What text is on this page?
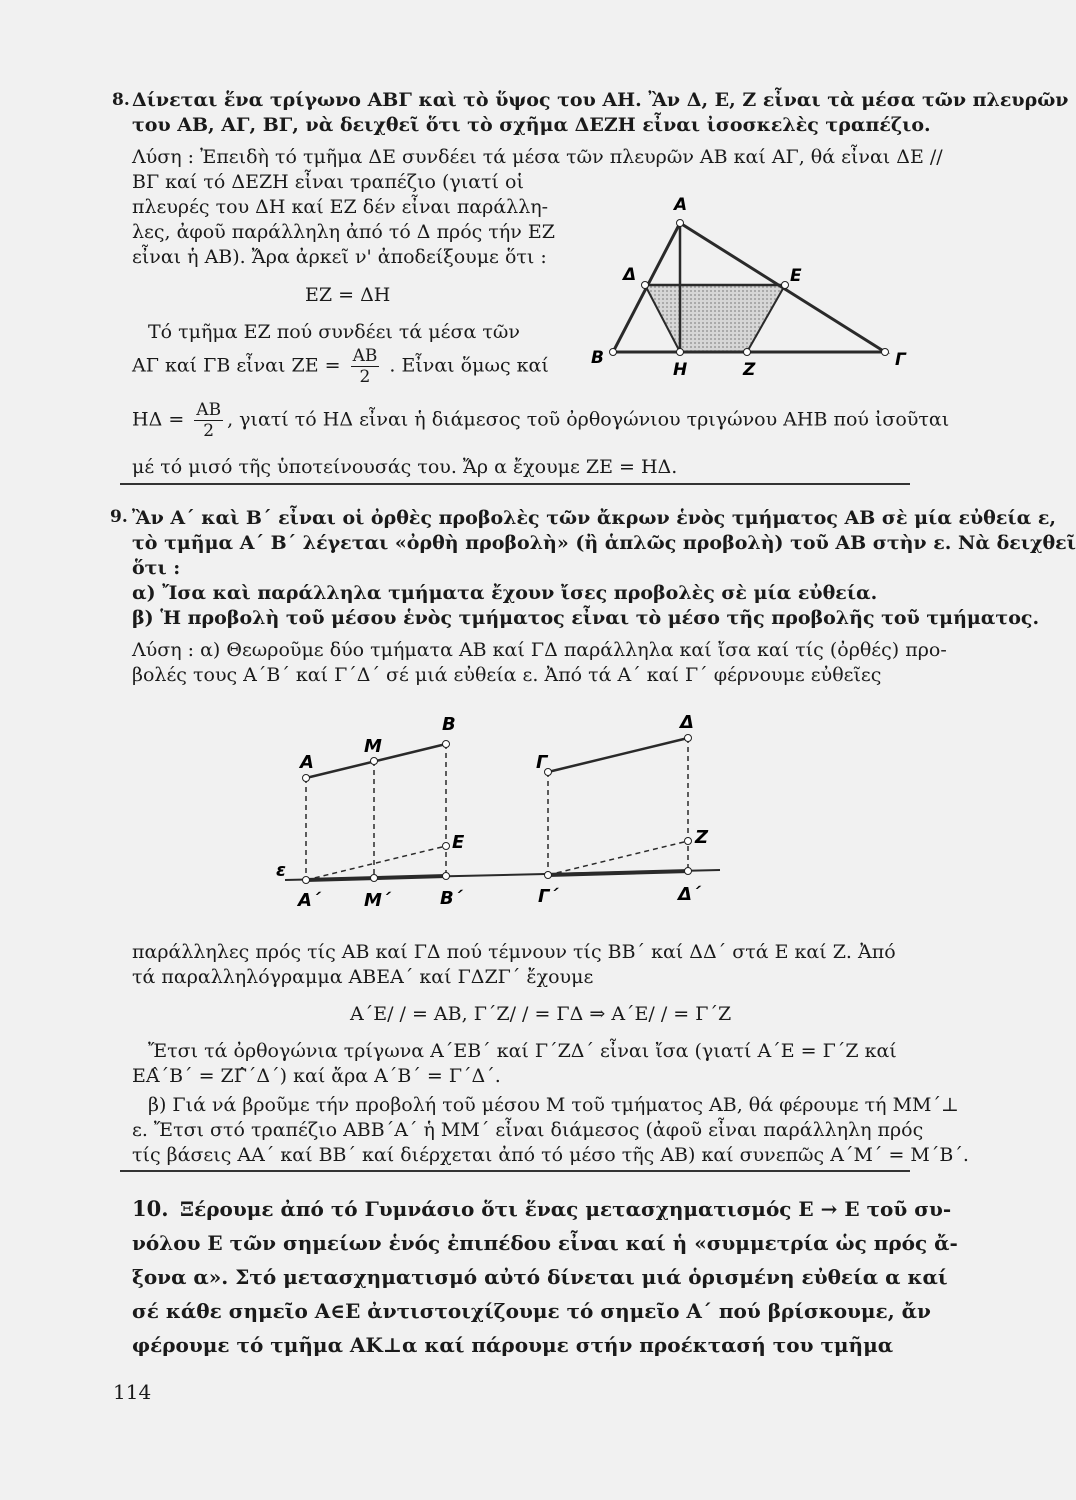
8. Δίνεται ἕνα τρίγωνο ΑΒΓ καὶ τὸ ὕψος του ΑΗ. Ἂν Δ, Ε, Ζ εἶναι τὰ μέσα τῶν πλευρῶν
του ΑΒ, ΑΓ, ΒΓ, νὰ δειχθεῖ ὅτι τὸ σχῆμα ΔΕΖΗ εἶναι ἰσοσκελὲς τραπέζιο.
Λύση : Ἐπειδὴ τό τμῆμα ΔΕ συνδέει τά μέσα τῶν πλευρῶν ΑΒ καί ΑΓ, θά εἶναι ΔΕ //
ΒΓ καί τό ΔΕΖΗ εἶναι τραπέζιο (γιατί οἱ
πλευρές του ΔΗ καί ΕΖ δέν εἶναι παράλλη-
λες, ἀφοῦ παράλληλη ἀπό τό Δ πρός τήν ΕΖ
εἶναι ἡ ΑΒ). Ἄρα ἀρκεῖ ν' ἀποδείξουμε ὅτι :
ΕΖ = ΔΗ
Τό τμῆμα ΕΖ πού συνδέει τά μέσα τῶν
ΑΓ καί ΓΒ εἶναι $ZE = \frac{AB}{2}$ . Εἶναι ὅμως καί
$H\Delta = \frac{AB}{2}$ , γιατί τό ΗΔ εἶναι ἡ διάμεσος τοῦ ὀρθογώνιου τριγώνου ΑΗΒ πού ἰσοῦται
μέ τό μισό τῆς ὑποτείνουσάς του. Ἄρ α ἔχουμε ΖΕ = ΗΔ.
A
Δ	E
B
H	Z	Γ
9. Ἂν Α΄ καὶ Β΄ εἶναι οἱ ὀρθὲς προβολὲς τῶν ἄκρων ἑνὸς τμήματος ΑΒ σὲ μία εὐθεία ε,
τὸ τμῆμα Α΄ Β΄ λέγεται «ὀρθὴ προβολὴ» (ἢ ἁπλῶς προβολὴ) τοῦ ΑΒ στὴν ε. Νὰ δειχθεῖ
ὅτι :
α) Ἴσα καὶ παράλληλα τμήματα ἔχουν ἴσες προβολὲς σὲ μία εὐθεία.
β) Ἡ προβολὴ τοῦ μέσου ἑνὸς τμήματος εἶναι τὸ μέσο τῆς προβολῆς τοῦ τμήματος.
Λύση : α) Θεωροῦμε δύο τμήματα ΑΒ καί ΓΔ παράλληλα καί ἴσα καί τίς (ὀρθές) προ-
βολές τους Α΄Β΄ καί Γ΄Δ΄ σέ μιά εὐθεία ε. Ἀπό τά Α΄ καί Γ΄ φέρνουμε εὐθεῖες
A
M
B
E
Γ
Δ
Z
ε
A΄ M΄	B΄	Γ΄	Δ΄
παράλληλες πρός τίς ΑΒ καί ΓΔ πού τέμνουν τίς ΒΒ΄ καί ΔΔ΄ στά Ε καί Ζ. Ἀπό
τά παραλληλόγραμμα ΑΒΕΑ΄ καί ΓΔΖΓ΄ ἔχουμε
Α΄Ε/ / = ΑΒ, Γ΄Ζ/ / = ΓΔ ⇒ Α΄Ε/ / = Γ΄Ζ
Ἔτσι τά ὀρθογώνια τρίγωνα Α΄ΕΒ΄ καί Γ΄ΖΔ΄ εἶναι ἴσα (γιατί Α΄Ε = Γ΄Ζ καί
ΕΑ̂΄Β΄ = ΖΓ̂΄Δ΄) καί ἄρα Α΄Β΄ = Γ΄Δ΄.
β) Γιά νά βροῦμε τήν προβολή τοῦ μέσου Μ τοῦ τμήματος ΑΒ, θά φέρουμε τή ΜΜ΄⊥
ε. Ἔτσι στό τραπέζιο ΑΒΒ΄Α΄ ἡ ΜΜ΄ εἶναι διάμεσος (ἀφοῦ εἶναι παράλληλη πρός
τίς βάσεις ΑΑ΄ καί ΒΒ΄ καί διέρχεται ἀπό τό μέσο τῆς ΑΒ) καί συνεπῶς Α΄Μ΄ = Μ΄Β΄.
10. Ξέρουμε ἀπό τό Γυμνάσιο ὅτι ἕνας μετασχηματισμός Ε → Ε τοῦ συ-
νόλου Ε τῶν σημείων ἑνός ἐπιπέδου εἶναι καί ἡ «συμμετρία ὡς πρός ἄ-
ξονα α». Στό μετασχηματισμό αὐτό δίνεται μιά ὁρισμένη εὐθεία α καί
σέ κάθε σημεῖο Α∈Ε ἀντιστοιχίζουμε τό σημεῖο Α΄ πού βρίσκουμε, ἄν
φέρουμε τό τμῆμα ΑΚ⊥α καί πάρουμε στήν προέκτασή του τμῆμα
114
